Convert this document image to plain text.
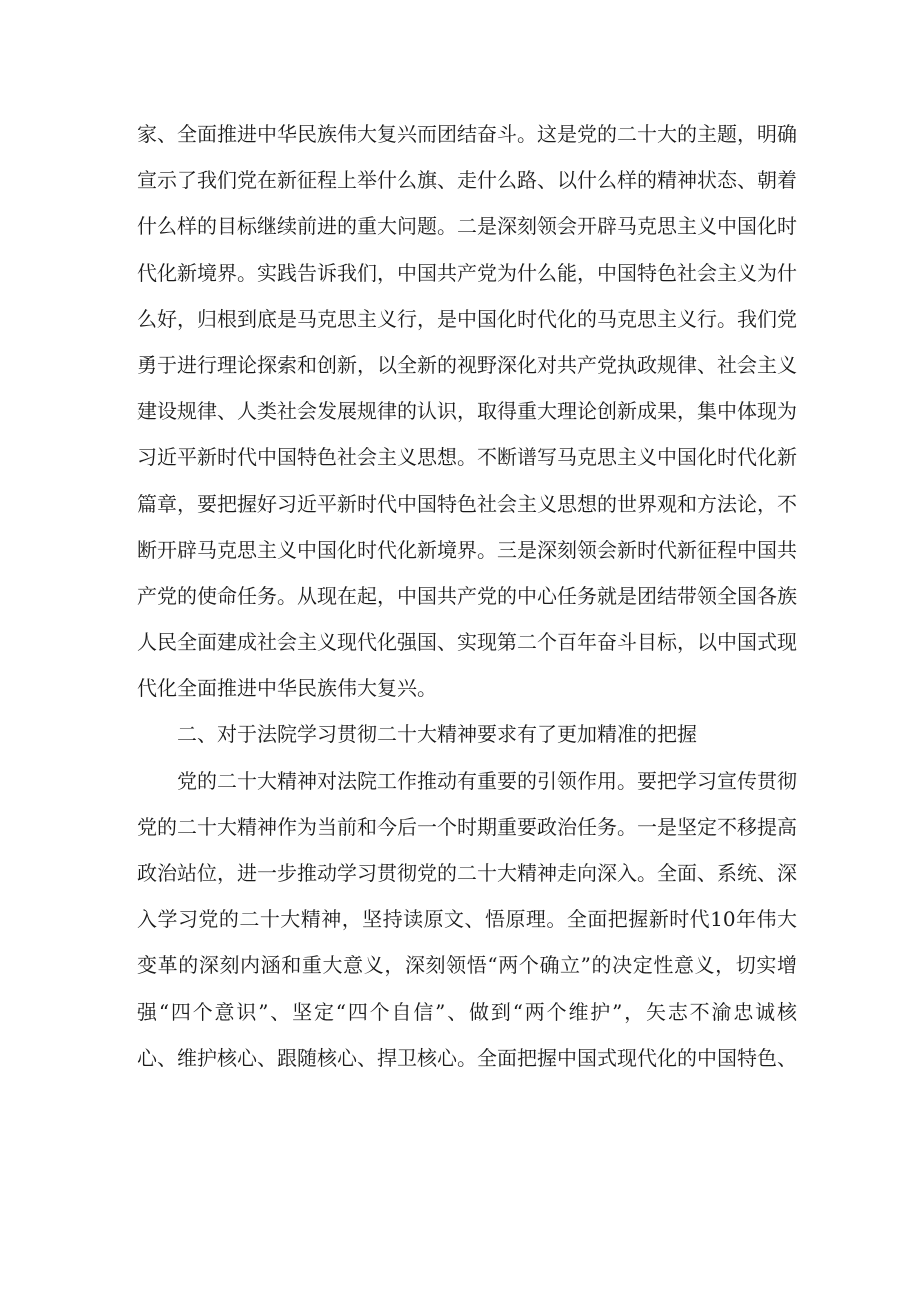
家、全面推进中华民族伟大复兴而团结奋斗。这是党的二十大的主题，明确
宣示了我们党在新征程上举什么旗、走什么路、以什么样的精神状态、朝着
什么样的目标继续前进的重大问题。二是深刻领会开辟马克思主义中国化时
代化新境界。实践告诉我们，中国共产党为什么能，中国特色社会主义为什
么好，归根到底是马克思主义行，是中国化时代化的马克思主义行。我们党
勇于进行理论探索和创新，以全新的视野深化对共产党执政规律、社会主义
建设规律、人类社会发展规律的认识，取得重大理论创新成果，集中体现为
习近平新时代中国特色社会主义思想。不断谱写马克思主义中国化时代化新
篇章，要把握好习近平新时代中国特色社会主义思想的世界观和方法论，不
断开辟马克思主义中国化时代化新境界。三是深刻领会新时代新征程中国共
产党的使命任务。从现在起，中国共产党的中心任务就是团结带领全国各族
人民全面建成社会主义现代化强国、实现第二个百年奋斗目标，以中国式现
代化全面推进中华民族伟大复兴。
二、对于法院学习贯彻二十大精神要求有了更加精准的把握
党的二十大精神对法院工作推动有重要的引领作用。要把学习宣传贯彻
党的二十大精神作为当前和今后一个时期重要政治任务。一是坚定不移提高
政治站位，进一步推动学习贯彻党的二十大精神走向深入。全面、系统、深
入学习党的二十大精神，坚持读原文、悟原理。全面把握新时代10年伟大
变革的深刻内涵和重大意义，深刻领悟“两个确立”的决定性意义，切实增
强“四个意识”、坚定“四个自信”、做到“两个维护”，矢志不渝忠诚核
心、维护核心、跟随核心、捍卫核心。全面把握中国式现代化的中国特色、
